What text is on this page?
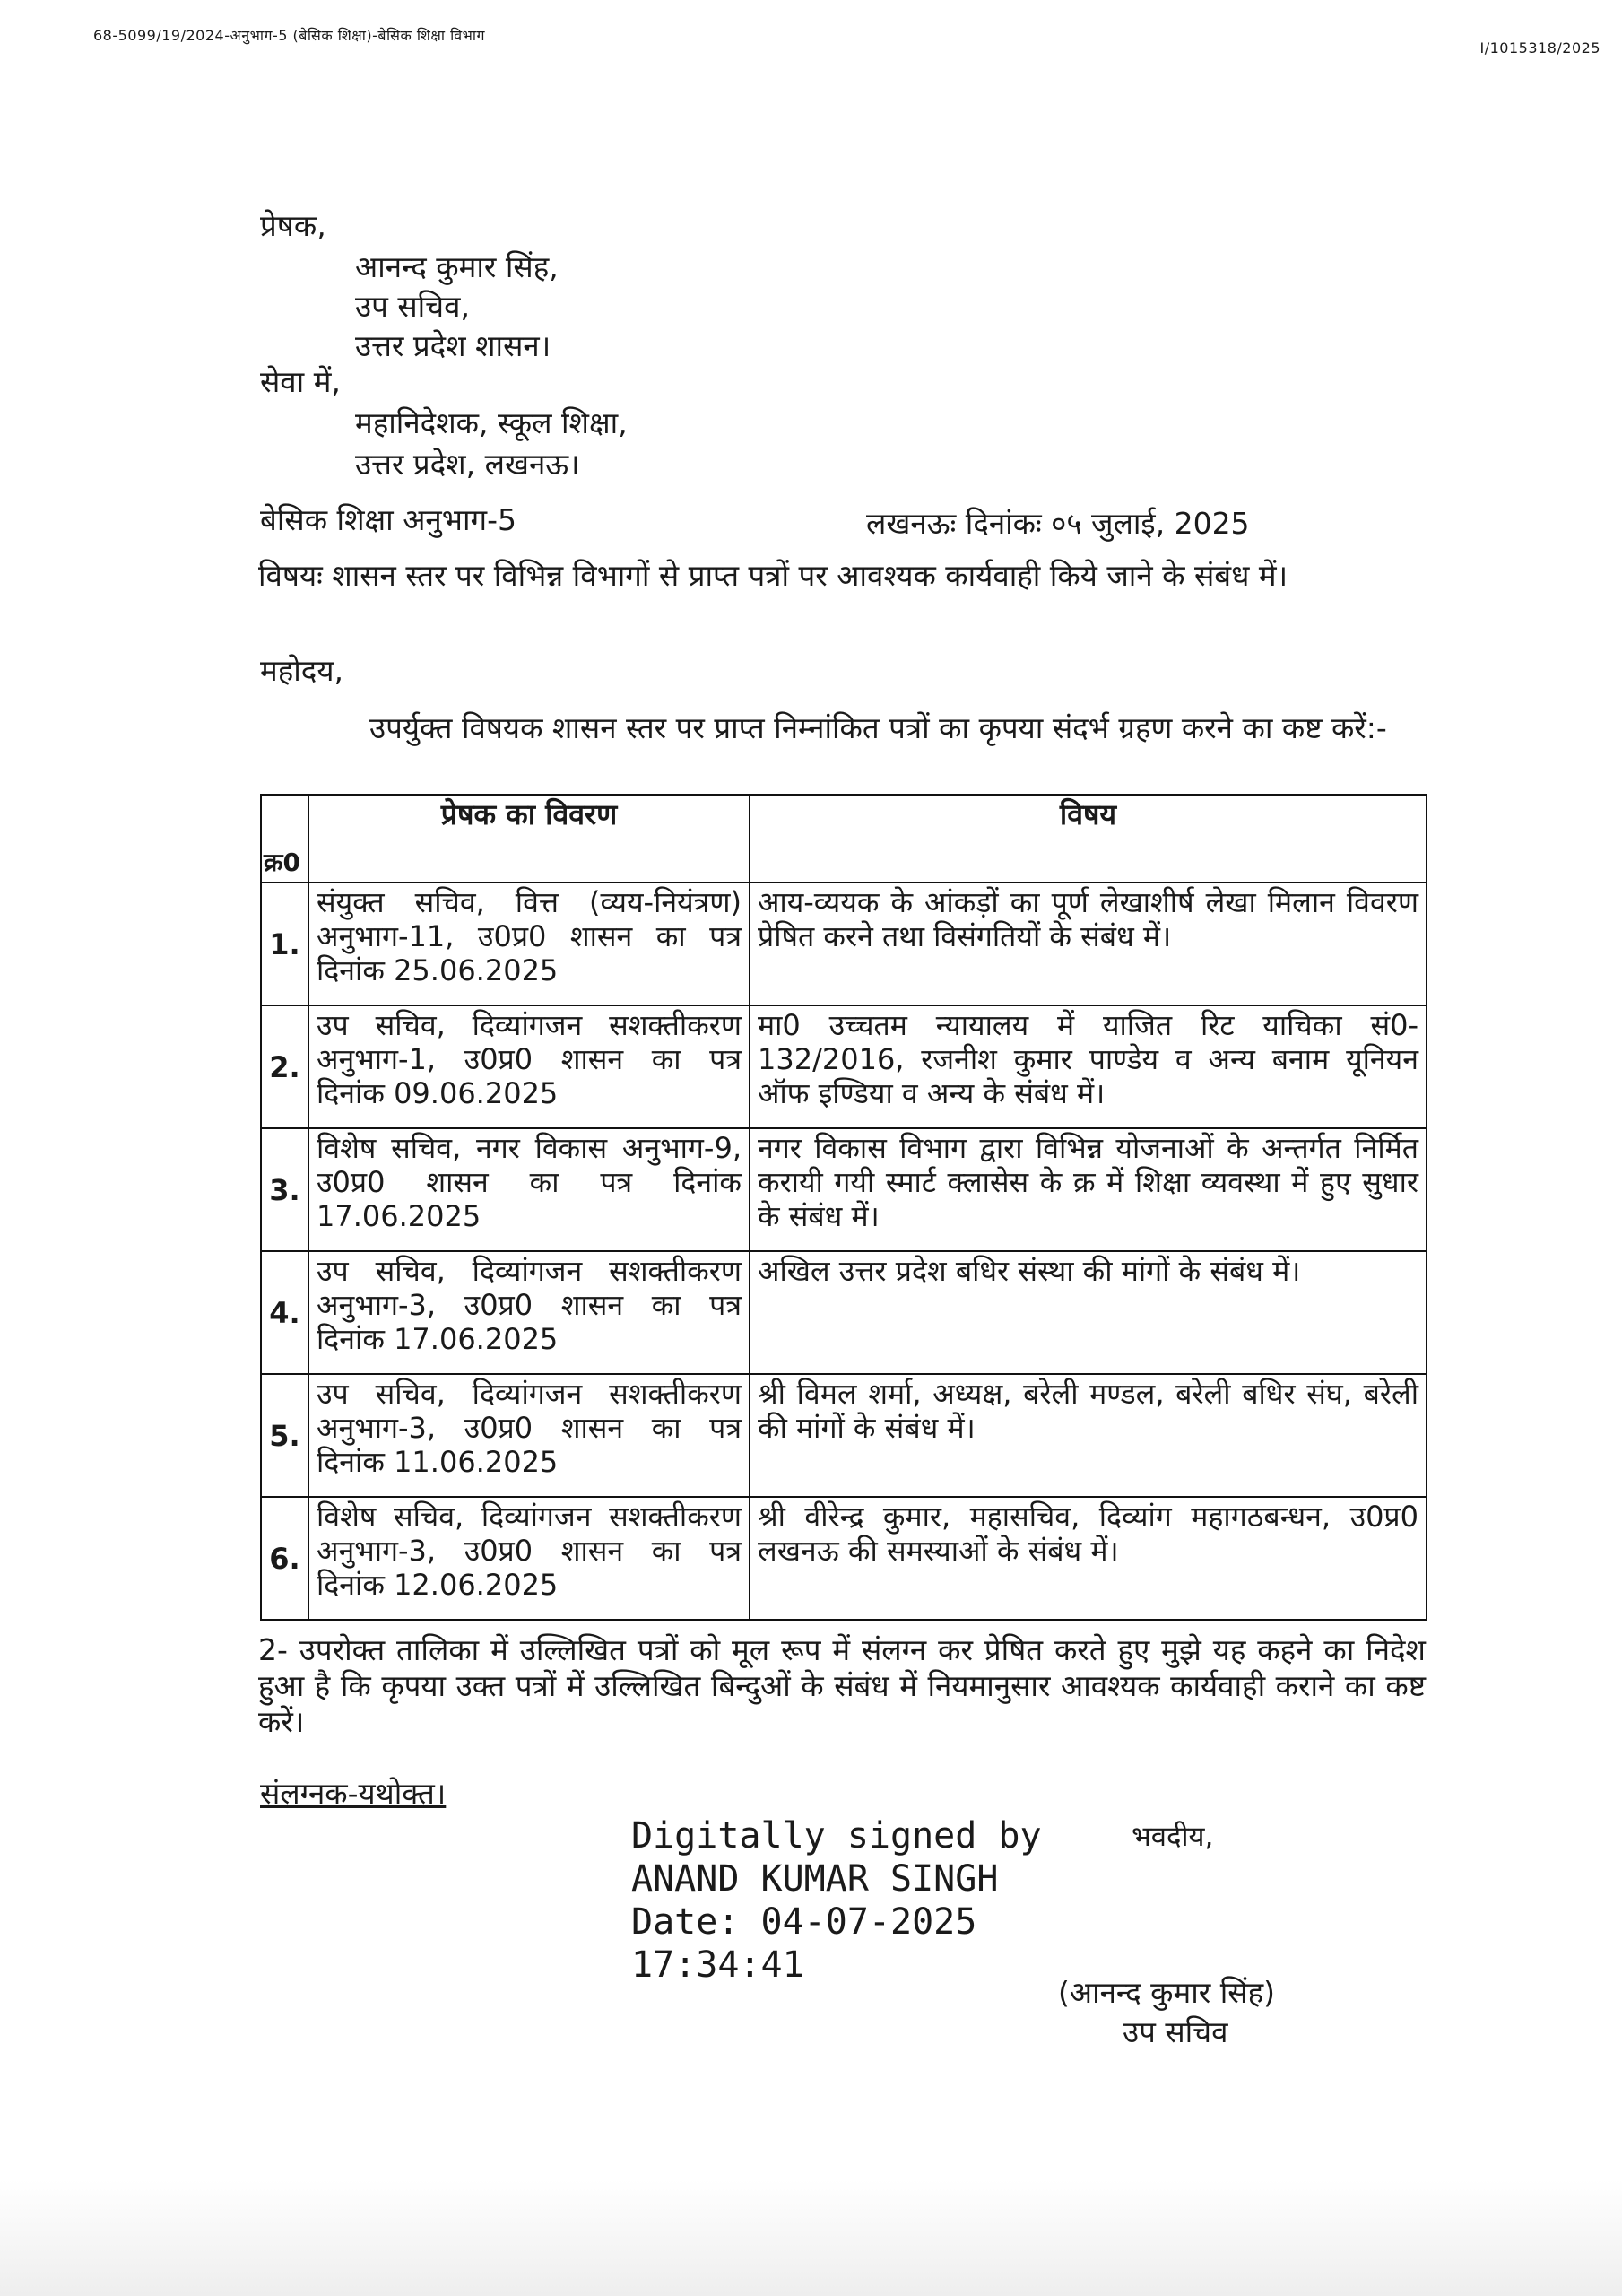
68-5099/19/2024-अनुभाग-5 (बेसिक शिक्षा)-बेसिक शिक्षा विभाग
I/1015318/2025
प्रेषक,
आनन्द कुमार सिंह,
उप सचिव,
उत्तर प्रदेश शासन।
सेवा में,
महानिदेशक, स्कूल शिक्षा,
उत्तर प्रदेश, लखनऊ।
बेसिक शिक्षा अनुभाग-5	लखनऊः दिनांकः ०५ जुलाई, 2025
विषयः शासन स्तर पर विभिन्न विभागों से प्राप्त पत्रों पर आवश्यक कार्यवाही किये जाने के संबंध में।
महोदय,
उपर्युक्त विषयक शासन स्तर पर प्राप्त निम्नांकित पत्रों का कृपया संदर्भ ग्रहण करने का कष्ट करें:-
क्र0	प्रेषक का विवरण	विषय
1.	संयुक्त सचिव, वित्त (व्यय-नियंत्रण) अनुभाग-11, उ0प्र0 शासन का पत्र दिनांक 25.06.2025	आय-व्ययक के आंकड़ों का पूर्ण लेखाशीर्ष लेखा मिलान विवरण प्रेषित करने तथा विसंगतियों के संबंध में।
2.	उप सचिव, दिव्यांगजन सशक्तीकरण अनुभाग-1, उ0प्र0 शासन का पत्र दिनांक 09.06.2025	मा0 उच्चतम न्यायालय में याजित रिट याचिका सं0-132/2016, रजनीश कुमार पाण्डेय व अन्य बनाम यूनियन ऑफ इण्डिया व अन्य के संबंध में।
3.	विशेष सचिव, नगर विकास अनुभाग-9, उ0प्र0 शासन का पत्र दिनांक 17.06.2025	नगर विकास विभाग द्वारा विभिन्न योजनाओं के अन्तर्गत निर्मित करायी गयी स्मार्ट क्लासेस के क्र में शिक्षा व्यवस्था में हुए सुधार के संबंध में।
4.	उप सचिव, दिव्यांगजन सशक्तीकरण अनुभाग-3, उ0प्र0 शासन का पत्र दिनांक 17.06.2025	अखिल उत्तर प्रदेश बधिर संस्था की मांगों के संबंध में।
5.	उप सचिव, दिव्यांगजन सशक्तीकरण अनुभाग-3, उ0प्र0 शासन का पत्र दिनांक 11.06.2025	श्री विमल शर्मा, अध्यक्ष, बरेली मण्डल, बरेली बधिर संघ, बरेली की मांगों के संबंध में।
6.	विशेष सचिव, दिव्यांगजन सशक्तीकरण अनुभाग-3, उ0प्र0 शासन का पत्र दिनांक 12.06.2025	श्री वीरेन्द्र कुमार, महासचिव, दिव्यांग महागठबन्धन, उ0प्र0 लखनऊ की समस्याओं के संबंध में।
2- उपरोक्त तालिका में उल्लिखित पत्रों को मूल रूप में संलग्न कर प्रेषित करते हुए मुझे यह कहने का निदेश हुआ है कि कृपया उक्त पत्रों में उल्लिखित बिन्दुओं के संबंध में नियमानुसार आवश्यक कार्यवाही कराने का कष्ट करें।
संलग्नक-यथोक्त।
Digitally signed by
ANAND KUMAR SINGH
Date: 04-07-2025
17:34:41
भवदीय,
(आनन्द कुमार सिंह)
उप सचिव
